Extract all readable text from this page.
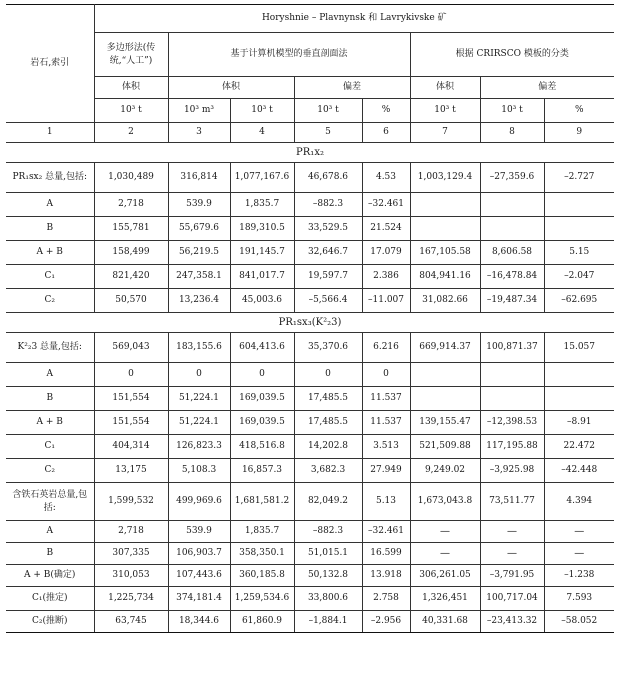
岩石,索引	Horyshnie – Plavnynsk 和 Lavrykivske 矿							
	多边形法(传统,“人工”)	基于计算机模型的垂直剖面法				根据 CRIRSCO 模板的分类		
	体积	体积		偏差		体积	偏差	
	10³ t	10³ m³	10³ t	10³ t	%	10³ t	10³ t	%
1	2	3	4	5	6	7	8	9
PR₁x₂								
PR₁sx₂ 总量,包括:	1,030,489	316,814	1,077,167.6	46,678.6	4.53	1,003,129.4	–27,359.6	–2.727
A	2,718	539.9	1,835.7	–882.3	–32.461			
B	155,781	55,679.6	189,310.5	33,529.5	21.524			
A + B	158,499	56,219.5	191,145.7	32,646.7	17.079	167,105.58	8,606.58	5.15
C₁	821,420	247,358.1	841,017.7	19,597.7	2.386	804,941.16	–16,478.84	–2.047
C₂	50,570	13,236.4	45,003.6	–5,566.4	–11.007	31,082.66	–19,487.34	–62.695
PR₁sx₃(K²₂3)								
K²₂3 总量,包括:	569,043	183,155.6	604,413.6	35,370.6	6.216	669,914.37	100,871.37	15.057
A	0	0	0	0	0			
B	151,554	51,224.1	169,039.5	17,485.5	11.537			
A + B	151,554	51,224.1	169,039.5	17,485.5	11.537	139,155.47	–12,398.53	–8.91
C₁	404,314	126,823.3	418,516.8	14,202.8	3.513	521,509.88	117,195.88	22.472
C₂	13,175	5,108.3	16,857.3	3,682.3	27.949	9,249.02	–3,925.98	–42.448
含铁石英岩总量,包括:	1,599,532	499,969.6	1,681,581.2	82,049.2	5.13	1,673,043.8	73,511.77	4.394
A	2,718	539.9	1,835.7	–882.3	–32.461	—	—	—
B	307,335	106,903.7	358,350.1	51,015.1	16.599	—	—	—
A + B(确定)	310,053	107,443.6	360,185.8	50,132.8	13.918	306,261.05	–3,791.95	–1.238
C₁(推定)	1,225,734	374,181.4	1,259,534.6	33,800.6	2.758	1,326,451	100,717.04	7.593
C₂(推断)	63,745	18,344.6	61,860.9	–1,884.1	–2.956	40,331.68	–23,413.32	–58.052
